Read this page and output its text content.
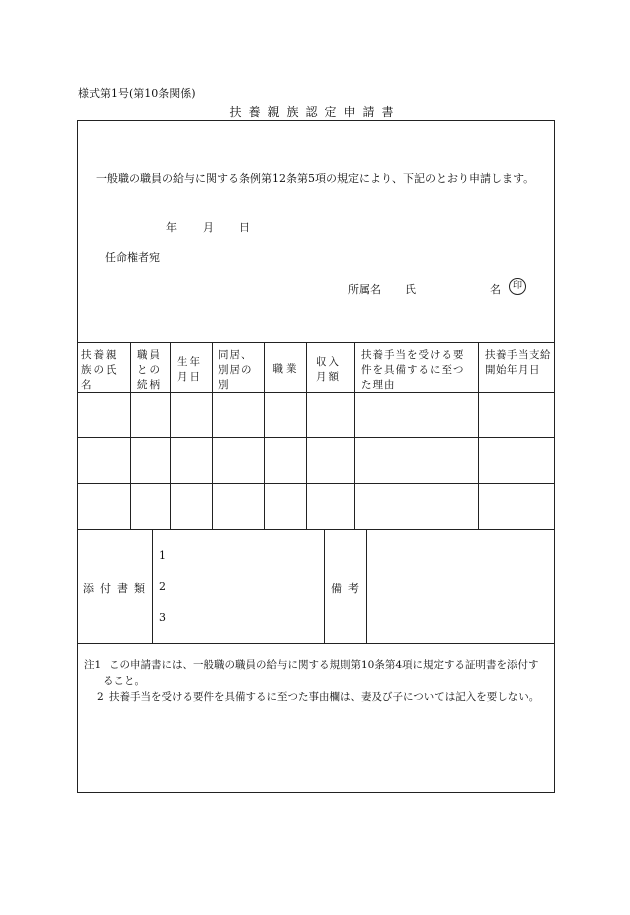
様式第1号(第10条関係)
扶養親族認定申請書
一般職の職員の給与に関する条例第12条第5項の規定により、下記のとおり申請します。
年 月 日
任命権者宛
所属名 氏	名	印
扶養親族の氏名
職員との続柄
生年月日
同居、別居の別
職業
収入月額
扶養手当を受ける要件を具備するに至つた理由
扶養手当支給開始年月日
添付書類
1
2
3
備考
注1 この申請書には、一般職の職員の給与に関する規則第10条第4項に規定する証明書を添付すること。
2 扶養手当を受ける要件を具備するに至つた事由欄は、妻及び子については記入を要しない。
